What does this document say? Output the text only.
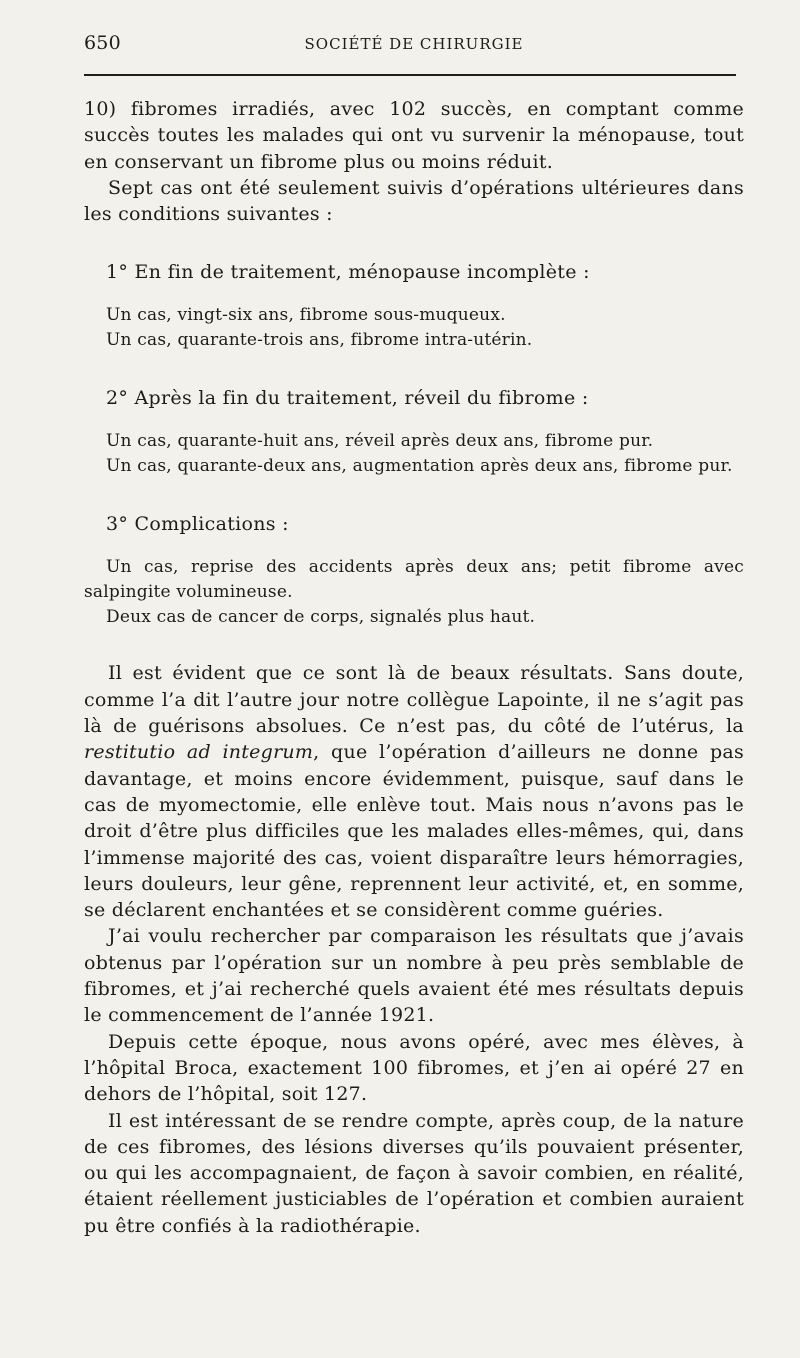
650	SOCIÉTÉ DE CHIRURGIE

10) fibromes irradiés, avec 102 succès, en comptant comme succès toutes les malades qui ont vu survenir la ménopause, tout en conservant un fibrome plus ou moins réduit.

Sept cas ont été seulement suivis d’opérations ultérieures dans les conditions suivantes :

1° En fin de traitement, ménopause incomplète :

Un cas, vingt-six ans, fibrome sous-muqueux.

Un cas, quarante-trois ans, fibrome intra-utérin.

2° Après la fin du traitement, réveil du fibrome :

Un cas, quarante-huit ans, réveil après deux ans, fibrome pur.

Un cas, quarante-deux ans, augmentation après deux ans, fibrome pur.

3° Complications :

Un cas, reprise des accidents après deux ans; petit fibrome avec salpingite volumineuse.

Deux cas de cancer de corps, signalés plus haut.

Il est évident que ce sont là de beaux résultats. Sans doute, comme l’a dit l’autre jour notre collègue Lapointe, il ne s’agit pas là de guérisons absolues. Ce n’est pas, du côté de l’utérus, la restitutio ad integrum, que l’opération d’ailleurs ne donne pas davantage, et moins encore évidemment, puisque, sauf dans le cas de myomectomie, elle enlève tout. Mais nous n’avons pas le droit d’être plus difficiles que les malades elles-mêmes, qui, dans l’immense majorité des cas, voient disparaître leurs hémorragies, leurs douleurs, leur gêne, reprennent leur activité, et, en somme, se déclarent enchantées et se considèrent comme guéries.

J’ai voulu rechercher par comparaison les résultats que j’avais obtenus par l’opération sur un nombre à peu près semblable de fibromes, et j’ai recherché quels avaient été mes résultats depuis le commencement de l’année 1921.

Depuis cette époque, nous avons opéré, avec mes élèves, à l’hôpital Broca, exactement 100 fibromes, et j’en ai opéré 27 en dehors de l’hôpital, soit 127.

Il est intéressant de se rendre compte, après coup, de la nature de ces fibromes, des lésions diverses qu’ils pouvaient présenter, ou qui les accompagnaient, de façon à savoir combien, en réalité, étaient réellement justiciables de l’opération et combien auraient pu être confiés à la radiothérapie.
